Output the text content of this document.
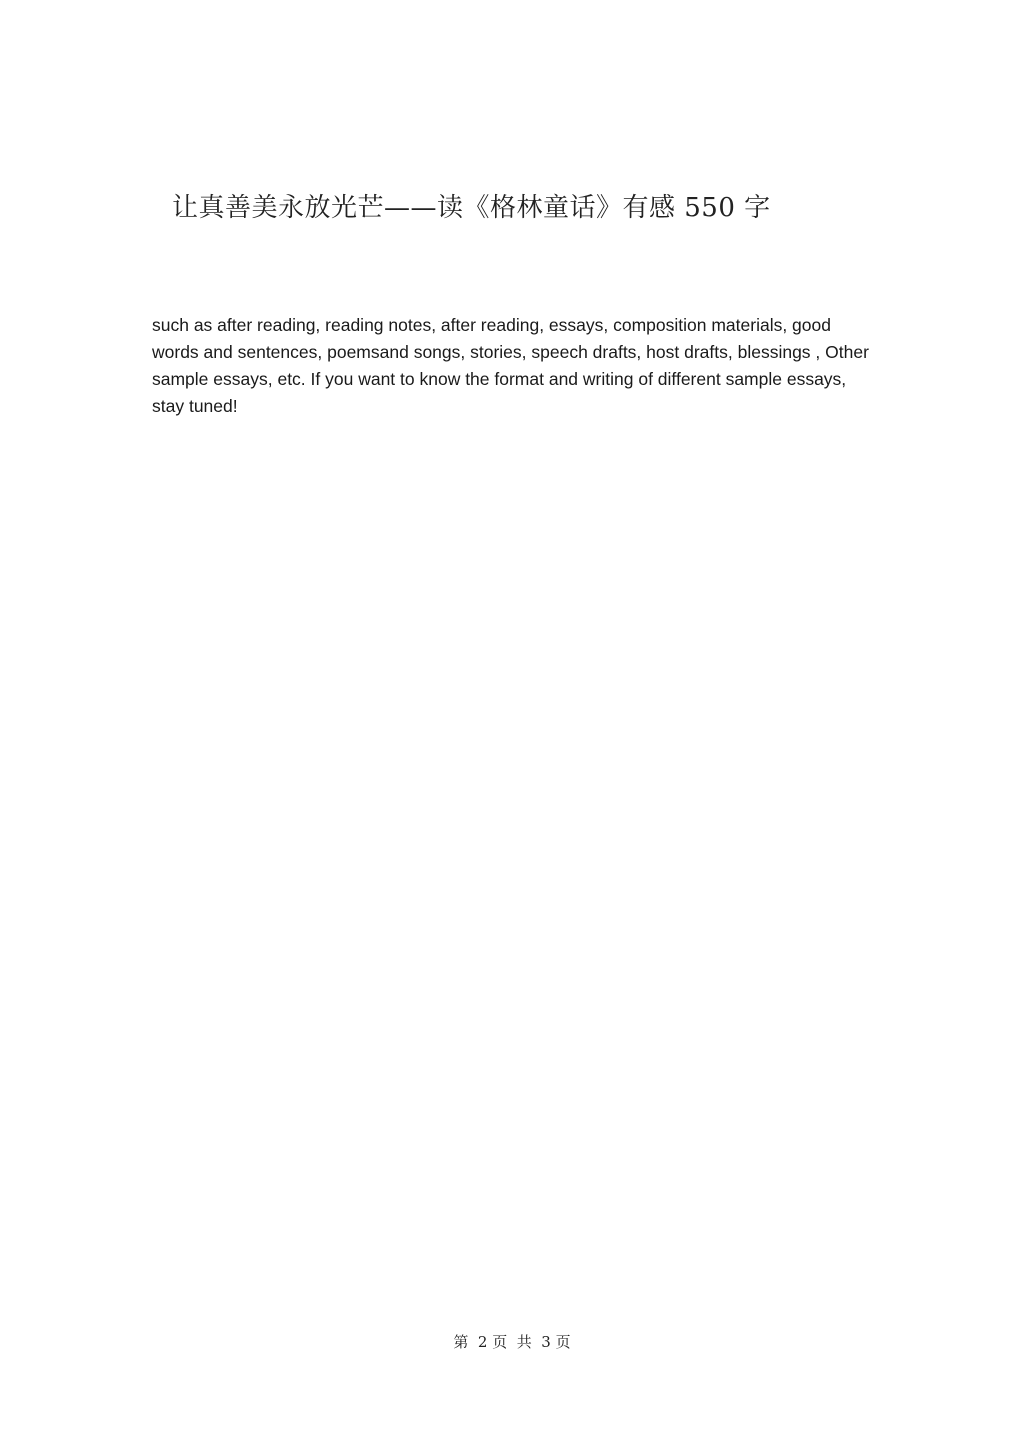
让真善美永放光芒——读《格林童话》有感 550 字

such as after reading, reading notes, after reading, essays, composition materials, good words and sentences, poemsand songs, stories, speech drafts, host drafts, blessings , Other sample essays, etc. If you want to know the format and writing of different sample essays, stay tuned!

第  2 页  共  3 页
